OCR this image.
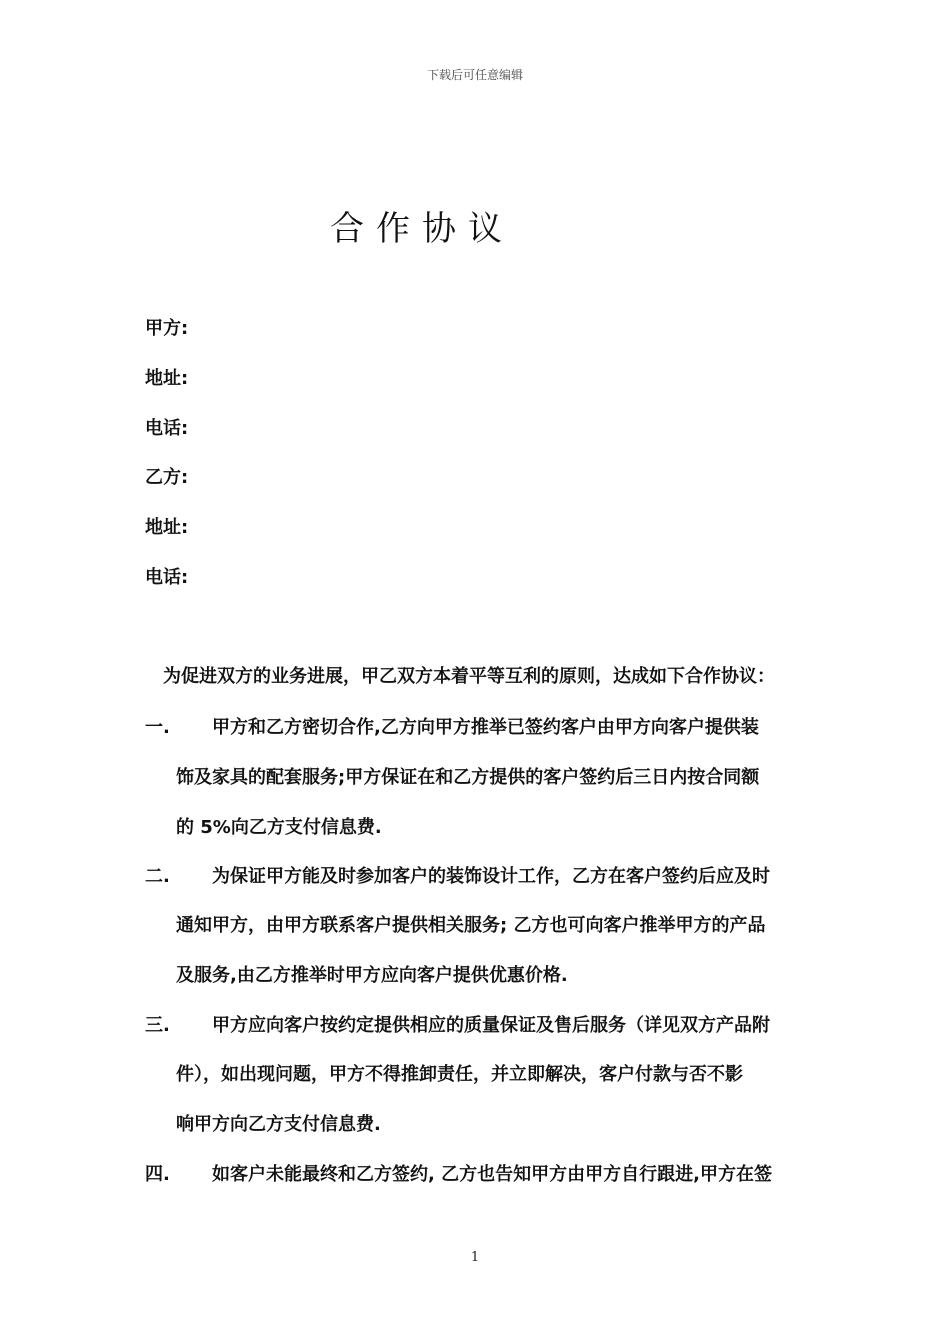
下载后可任意编辑
合作协议
甲方:
地址:
电话:
乙方:
地址:
电话:
为促进双方的业务进展，甲乙双方本着平等互利的原则，达成如下合作协议：
一. 甲方和乙方密切合作,乙方向甲方推举已签约客户由甲方向客户提供装
饰及家具的配套服务;甲方保证在和乙方提供的客户签约后三日内按合同额
的 5%向乙方支付信息费.
二. 为保证甲方能及时参加客户的装饰设计工作，乙方在客户签约后应及时
通知甲方，由甲方联系客户提供相关服务; 乙方也可向客户推举甲方的产品
及服务,由乙方推举时甲方应向客户提供优惠价格.
三. 甲方应向客户按约定提供相应的质量保证及售后服务（详见双方产品附
件），如出现问题，甲方不得推卸责任，并立即解决，客户付款与否不影
响甲方向乙方支付信息费.
四. 如客户未能最终和乙方签约, 乙方也告知甲方由甲方自行跟进,甲方在签
1
